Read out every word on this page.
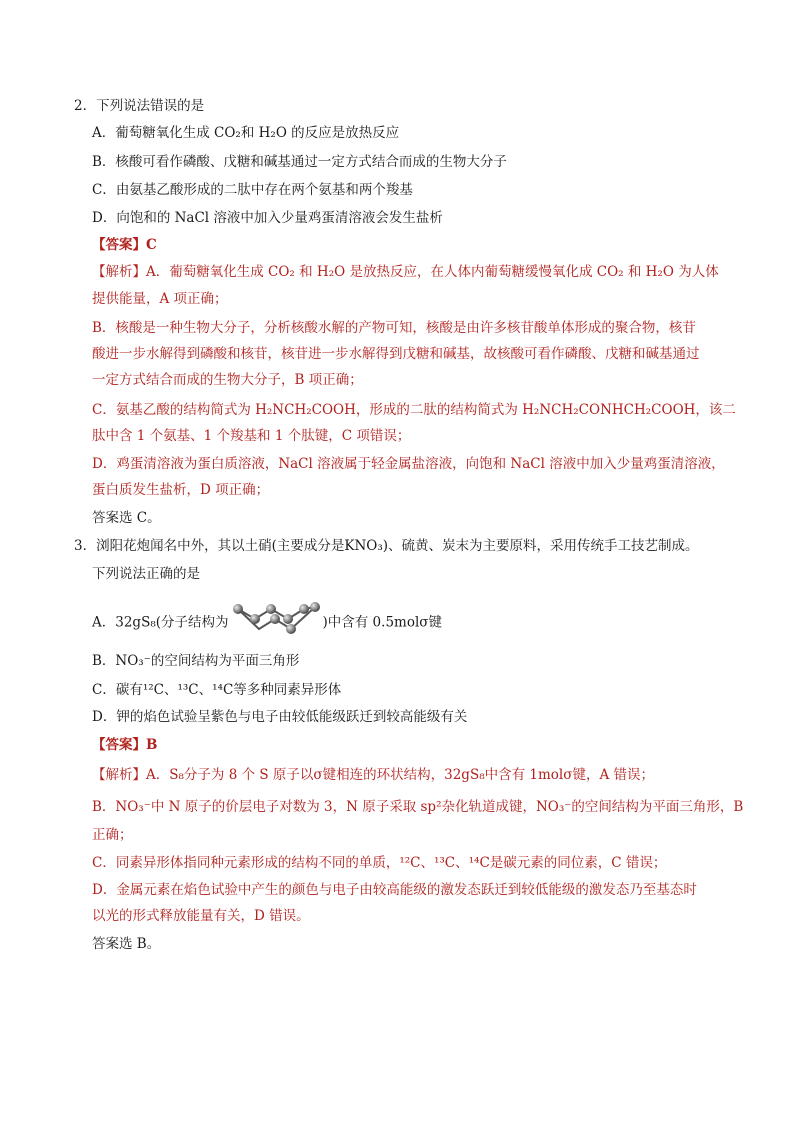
2．下列说法错误的是
A．葡萄糖氧化生成 CO₂和 H₂O 的反应是放热反应
B．核酸可看作磷酸、戊糖和碱基通过一定方式结合而成的生物大分子
C．由氨基乙酸形成的二肽中存在两个氨基和两个羧基
D．向饱和的 NaCl 溶液中加入少量鸡蛋清溶液会发生盐析
【答案】C
【解析】A．葡萄糖氧化生成 CO₂ 和 H₂O 是放热反应，在人体内葡萄糖缓慢氧化成 CO₂ 和 H₂O 为人体
提供能量，A 项正确；
B．核酸是一种生物大分子，分析核酸水解的产物可知，核酸是由许多核苷酸单体形成的聚合物，核苷
酸进一步水解得到磷酸和核苷，核苷进一步水解得到戊糖和碱基，故核酸可看作磷酸、戊糖和碱基通过
一定方式结合而成的生物大分子，B 项正确；
C．氨基乙酸的结构简式为 H₂NCH₂COOH，形成的二肽的结构简式为 H₂NCH₂CONHCH₂COOH，该二
肽中含 1 个氨基、1 个羧基和 1 个肽键，C 项错误；
D．鸡蛋清溶液为蛋白质溶液，NaCl 溶液属于轻金属盐溶液，向饱和 NaCl 溶液中加入少量鸡蛋清溶液，
蛋白质发生盐析，D 项正确；
答案选 C。
3．浏阳花炮闻名中外，其以土硝(主要成分是KNO₃)、硫黄、炭末为主要原料，采用传统手工技艺制成。
下列说法正确的是
A．32gS₈(分子结构为	)中含有 0.5molσ键
B．NO₃⁻的空间结构为平面三角形
C．碳有¹²C、¹³C、¹⁴C等多种同素异形体
D．钾的焰色试验呈紫色与电子由较低能级跃迁到较高能级有关
【答案】B
【解析】A．S₈分子为 8 个 S 原子以σ键相连的环状结构，32gS₈中含有 1molσ键，A 错误；
B．NO₃⁻中 N 原子的价层电子对数为 3，N 原子采取 sp²杂化轨道成键，NO₃⁻的空间结构为平面三角形，B
正确；
C．同素异形体指同种元素形成的结构不同的单质，¹²C、¹³C、¹⁴C是碳元素的同位素，C 错误；
D．金属元素在焰色试验中产生的颜色与电子由较高能级的激发态跃迁到较低能级的激发态乃至基态时
以光的形式释放能量有关，D 错误。
答案选 B。
